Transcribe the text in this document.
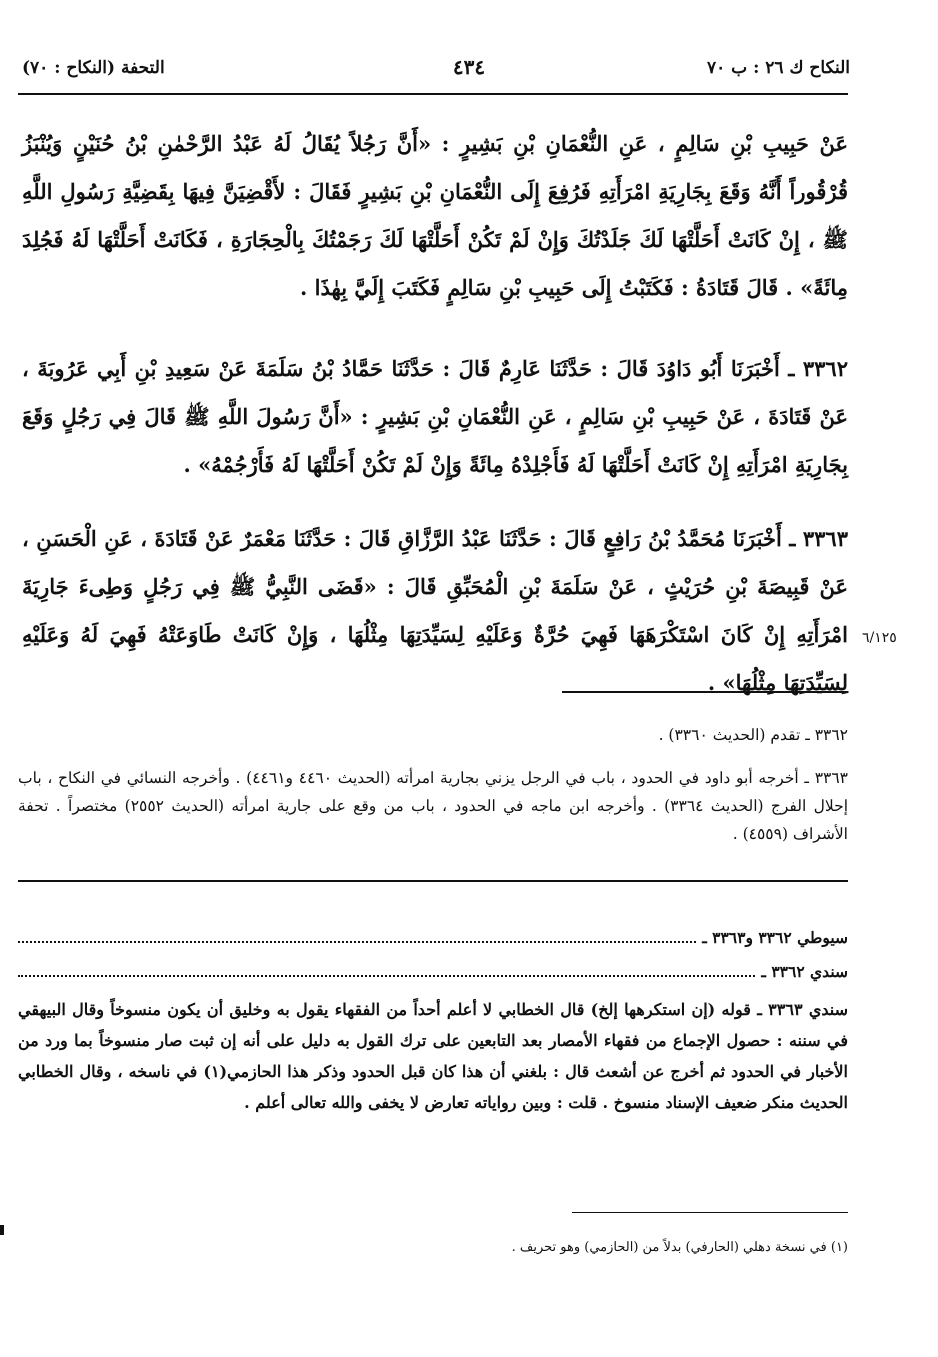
النكاح ك ٢٦ : ب ٧٠
٤٣٤
التحفة (النكاح : ٧٠)
عَنْ حَبِيبِ بْنِ سَالِمٍ ، عَنِ النُّعْمَانِ بْنِ بَشِيرٍ : «أَنَّ رَجُلاً يُقَالُ لَهُ عَبْدُ الرَّحْمٰنِ بْنُ حُنَيْنٍ وَيُنْبَزُ قُرْقُوراً أَنَّهُ وَقَعَ بِجَارِيَةِ امْرَأَتِهِ فَرُفِعَ إِلَى النُّعْمَانِ بْنِ بَشِيرٍ فَقَالَ : لأَقْضِيَنَّ فِيهَا بِقَضِيَّةِ رَسُولِ اللَّهِ ﷺ ، إِنْ كَانَتْ أَحَلَّتْهَا لَكَ جَلَدْتُكَ وَإِنْ لَمْ تَكُنْ أَحَلَّتْهَا لَكَ رَجَمْتُكَ بِالْحِجَارَةِ ، فَكَانَتْ أَحَلَّتْهَا لَهُ فَجُلِدَ مِائَةً» . قَالَ قَتَادَةُ : فَكَتَبْتُ إِلَى حَبِيبِ بْنِ سَالِمٍ فَكَتَبَ إِلَيَّ بِهٰذَا .
٣٣٦٢ ـ أَخْبَرَنَا أَبُو دَاوُدَ قَالَ : حَدَّثَنَا عَارِمٌ قَالَ : حَدَّثَنَا حَمَّادُ بْنُ سَلَمَةَ عَنْ سَعِيدِ بْنِ أَبِي عَرُوبَةَ ، عَنْ قَتَادَةَ ، عَنْ حَبِيبِ بْنِ سَالِمٍ ، عَنِ النُّعْمَانِ بْنِ بَشِيرٍ : «أَنَّ رَسُولَ اللَّهِ ﷺ قَالَ فِي رَجُلٍ وَقَعَ بِجَارِيَةِ امْرَأَتِهِ إِنْ كَانَتْ أَحَلَّتْهَا لَهُ فَأَجْلِدْهُ مِائَةً وَإِنْ لَمْ تَكُنْ أَحَلَّتْهَا لَهُ فَأَرْجُمْهُ» .
٣٣٦٣ ـ أَخْبَرَنَا مُحَمَّدُ بْنُ رَافِعٍ قَالَ : حَدَّثَنَا عَبْدُ الرَّزَّاقِ قَالَ : حَدَّثَنَا مَعْمَرٌ عَنْ قَتَادَةَ ، عَنِ الْحَسَنِ ، عَنْ قَبِيصَةَ بْنِ حُرَيْثٍ ، عَنْ سَلَمَةَ بْنِ الْمُحَبِّقِ قَالَ : «قَضَى النَّبِيُّ ﷺ فِي رَجُلٍ وَطِىءَ جَارِيَةَ امْرَأَتِهِ إِنْ كَانَ اسْتَكْرَهَهَا فَهِيَ حُرَّةٌ وَعَلَيْهِ لِسَيِّدَتِهَا مِثْلُهَا ، وَإِنْ كَانَتْ طَاوَعَتْهُ فَهِيَ لَهُ وَعَلَيْهِ لِسَيِّدَتِهَا مِثْلُهَا» .
٦/١٢٥
٣٣٦٢ ـ تقدم (الحديث ٣٣٦٠) .
٣٣٦٣ ـ أخرجه أبو داود في الحدود ، باب في الرجل يزني بجارية امرأته (الحديث ٤٤٦٠ و٤٤٦١) . وأخرجه النسائي في النكاح ، باب إحلال الفرج (الحديث ٣٣٦٤) . وأخرجه ابن ماجه في الحدود ، باب من وقع على جارية امرأته (الحديث ٢٥٥٢) مختصراً . تحفة الأشراف (٤٥٥٩) .
سيوطي ٣٣٦٢ و٣٣٦٣ ـ
سندي ٣٣٦٢ ـ
سندي ٣٣٦٣ ـ قوله (إن استكرهها إلخ) قال الخطابي لا أعلم أحداً من الفقهاء يقول به وخليق أن يكون منسوخاً وقال البيهقي في سننه : حصول الإجماع من فقهاء الأمصار بعد التابعين على ترك القول به دليل على أنه إن ثبت صار منسوخاً بما ورد من الأخبار في الحدود ثم أخرج عن أشعث قال : بلغني أن هذا كان قبل الحدود وذكر هذا الحازمي(١) في ناسخه ، وقال الخطابي الحديث منكر ضعيف الإسناد منسوخ . قلت : وبين رواياته تعارض لا يخفى والله تعالى أعلم .
(١) في نسخة دهلي (الحارفي) بدلاً من (الحازمي) وهو تحريف .
